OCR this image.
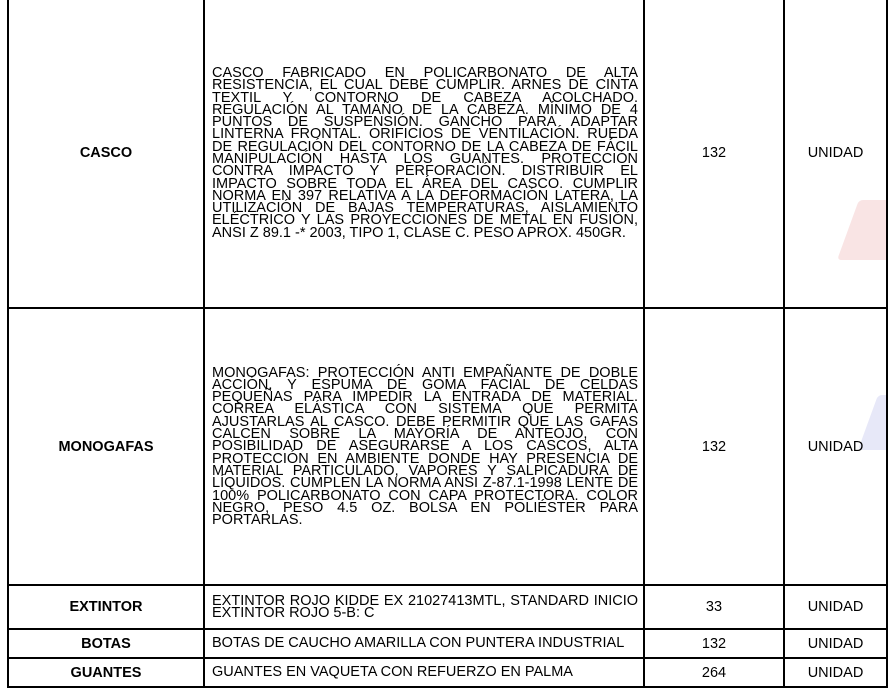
CASCO	CASCO FABRICADO EN POLICARBONATO DE ALTA RESISTENCIA, EL CUAL DEBE CUMPLIR. ARNES DE CINTA TEXTIL Y CONTORNO DE CABEZA ACOLCHADO. REGULACIÓN AL TAMAÑO DE LA CABEZA. MÍNIMO DE 4 PUNTOS DE SUSPENSIÓN. GANCHO PARA ADAPTAR LINTERNA FRONTAL. ORIFICIOS DE VENTILACIÓN. RUEDA DE REGULACIÓN DEL CONTORNO DE LA CABEZA DE FÁCIL MANIPULACIÓN HASTA LOS GUANTES. PROTECCIÓN CONTRA IMPACTO Y PERFORACIÓN. DISTRIBUIR EL IMPACTO SOBRE TODA EL ÁREA DEL CASCO. CUMPLIR NORMA EN 397 RELATIVA A LA DEFORMACIÓN LATERA, LA UTILIZACIÓN DE BAJAS TEMPERATURAS, AISLAMIENTO ELÉCTRICO Y LAS PROYECCIONES DE METAL EN FUSIÓN, ANSI Z 89.1 -* 2003, TIPO 1, CLASE C. PESO APROX. 450GR.	132	UNIDAD
MONOGAFAS	MONOGAFAS: PROTECCIÓN ANTI EMPAÑANTE DE DOBLE ACCIÓN, Y ESPUMA DE GOMA FACIAL DE CELDAS PEQUEÑAS PARA IMPEDIR LA ENTRADA DE MATERIAL. CORREA ELÁSTICA CON SISTEMA QUE PERMITA AJUSTARLAS AL CASCO. DEBE PERMITIR QUE LAS GAFAS CALCEN SOBRE LA MAYORÍA DE ANTEOJO, CON POSIBILIDAD DE ASEGURARSE A LOS CASCOS, ALTA PROTECCIÓN EN AMBIENTE DONDE HAY PRESENCIA DE MATERIAL PARTICULADO, VAPORES Y SALPICADURA DE LÍQUIDOS. CUMPLEN LA NORMA ANSI Z-87.1-1998 LENTE DE 100% POLICARBONATO CON CAPA PROTECTORA. COLOR NEGRO, PESO 4.5 OZ. BOLSA EN POLIÉSTER PARA PORTARLAS.	132	UNIDAD
EXTINTOR	EXTINTOR ROJO KIDDE EX 21027413MTL, STANDARD INICIO EXTINTOR ROJO 5-B: C	33	UNIDAD
BOTAS	BOTAS DE CAUCHO AMARILLA CON PUNTERA INDUSTRIAL	132	UNIDAD
GUANTES	GUANTES EN VAQUETA CON REFUERZO EN PALMA	264	UNIDAD
